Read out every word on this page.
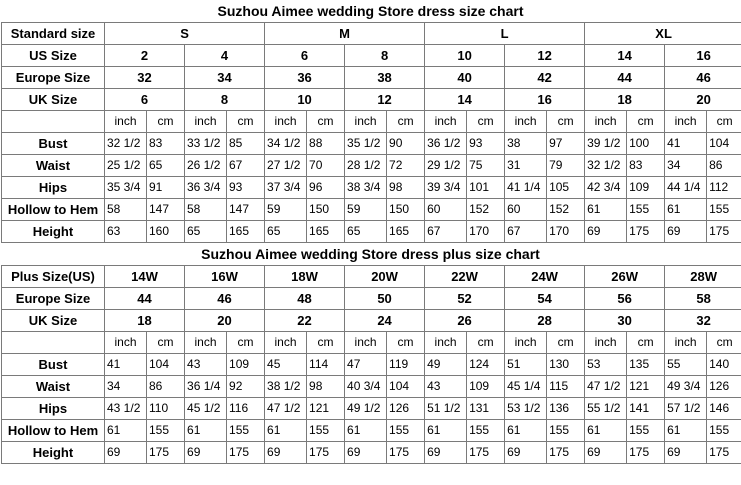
Suzhou Aimee wedding Store dress size chart
Standard size	S				M				L				XL			
US Size	2		4		6		8		10		12		14		16	
Europe Size	32		34		36		38		40		42		44		46	
UK Size	6		8		10		12		14		16		18		20	
	inch	cm	inch	cm	inch	cm	inch	cm	inch	cm	inch	cm	inch	cm	inch	cm
Bust	32 1/2	83	33 1/2	85	34 1/2	88	35 1/2	90	36 1/2	93	38	97	39 1/2	100	41	104
Waist	25 1/2	65	26 1/2	67	27 1/2	70	28 1/2	72	29 1/2	75	31	79	32 1/2	83	34	86
Hips	35 3/4	91	36 3/4	93	37 3/4	96	38 3/4	98	39 3/4	101	41 1/4	105	42 3/4	109	44 1/4	112
Hollow to Hem	58	147	58	147	59	150	59	150	60	152	60	152	61	155	61	155
Height	63	160	65	165	65	165	65	165	67	170	67	170	69	175	69	175
Suzhou Aimee wedding Store dress plus size chart
Plus Size(US)	14W		16W		18W		20W		22W		24W		26W		28W	
Europe Size	44		46		48		50		52		54		56		58	
UK Size	18		20		22		24		26		28		30		32	
	inch	cm	inch	cm	inch	cm	inch	cm	inch	cm	inch	cm	inch	cm	inch	cm
Bust	41	104	43	109	45	114	47	119	49	124	51	130	53	135	55	140
Waist	34	86	36 1/4	92	38 1/2	98	40 3/4	104	43	109	45 1/4	115	47 1/2	121	49 3/4	126
Hips	43 1/2	110	45 1/2	116	47 1/2	121	49 1/2	126	51 1/2	131	53 1/2	136	55 1/2	141	57 1/2	146
Hollow to Hem	61	155	61	155	61	155	61	155	61	155	61	155	61	155	61	155
Height	69	175	69	175	69	175	69	175	69	175	69	175	69	175	69	175
